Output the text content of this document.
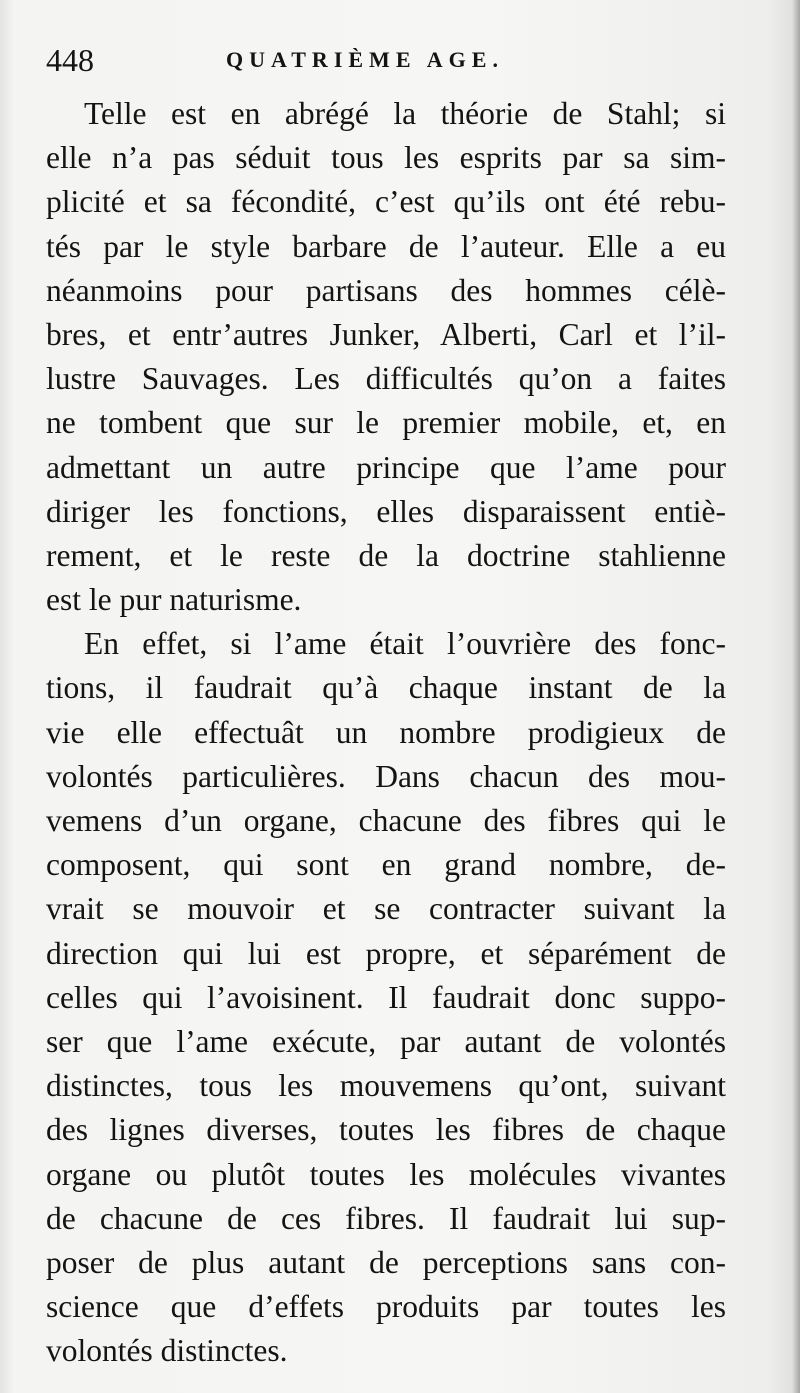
448	QUATRIÈME AGE.
Telle est en abrégé la théorie de Stahl; si
elle n’a pas séduit tous les esprits par sa sim-
plicité et sa fécondité, c’est qu’ils ont été rebu-
tés par le style barbare de l’auteur. Elle a eu
néanmoins pour partisans des hommes célè-
bres, et entr’autres Junker, Alberti, Carl et l’il-
lustre Sauvages. Les difficultés qu’on a faites
ne tombent que sur le premier mobile, et, en
admettant un autre principe que l’ame pour
diriger les fonctions, elles disparaissent entiè-
rement, et le reste de la doctrine stahlienne
est le pur naturisme.
En effet, si l’ame était l’ouvrière des fonc-
tions, il faudrait qu’à chaque instant de la
vie elle effectuât un nombre prodigieux de
volontés particulières. Dans chacun des mou-
vemens d’un organe, chacune des fibres qui le
composent, qui sont en grand nombre, de-
vrait se mouvoir et se contracter suivant la
direction qui lui est propre, et séparément de
celles qui l’avoisinent. Il faudrait donc suppo-
ser que l’ame exécute, par autant de volontés
distinctes, tous les mouvemens qu’ont, suivant
des lignes diverses, toutes les fibres de chaque
organe ou plutôt toutes les molécules vivantes
de chacune de ces fibres. Il faudrait lui sup-
poser de plus autant de perceptions sans con-
science que d’effets produits par toutes les
volontés distinctes.
